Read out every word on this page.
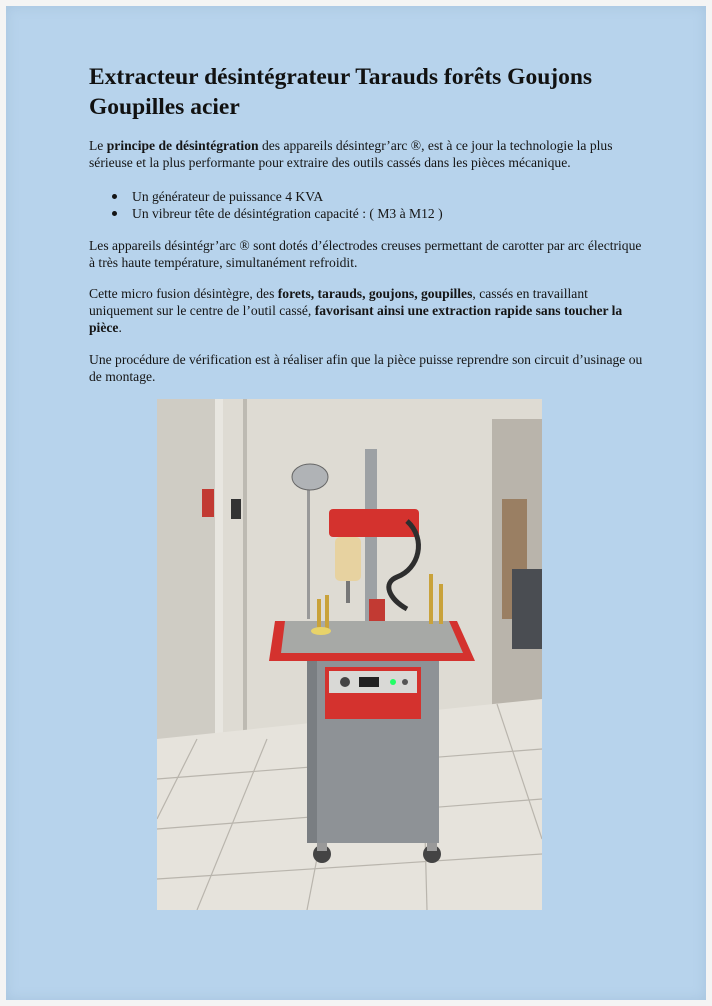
Extracteur désintégrateur Tarauds forêts Goujons Goupilles acier

Le principe de désintégration des appareils désintegr’arc ®, est à ce jour la technologie la plus sérieuse et la plus performante pour extraire des outils cassés dans les pièces mécanique.

Un générateur de puissance 4 KVA
Un vibreur tête de désintégration capacité : ( M3 à M12 )

Les appareils désintégr’arc ® sont dotés d’électrodes creuses permettant de carotter par arc électrique à très haute température, simultanément refroidit.

Cette micro fusion désintègre, des forets, tarauds, goujons, goupilles, cassés en travaillant uniquement sur le centre de l’outil cassé, favorisant ainsi une extraction rapide sans toucher la pièce.

Une procédure de vérification est à réaliser afin que la pièce puisse reprendre son circuit d’usinage ou de montage.
